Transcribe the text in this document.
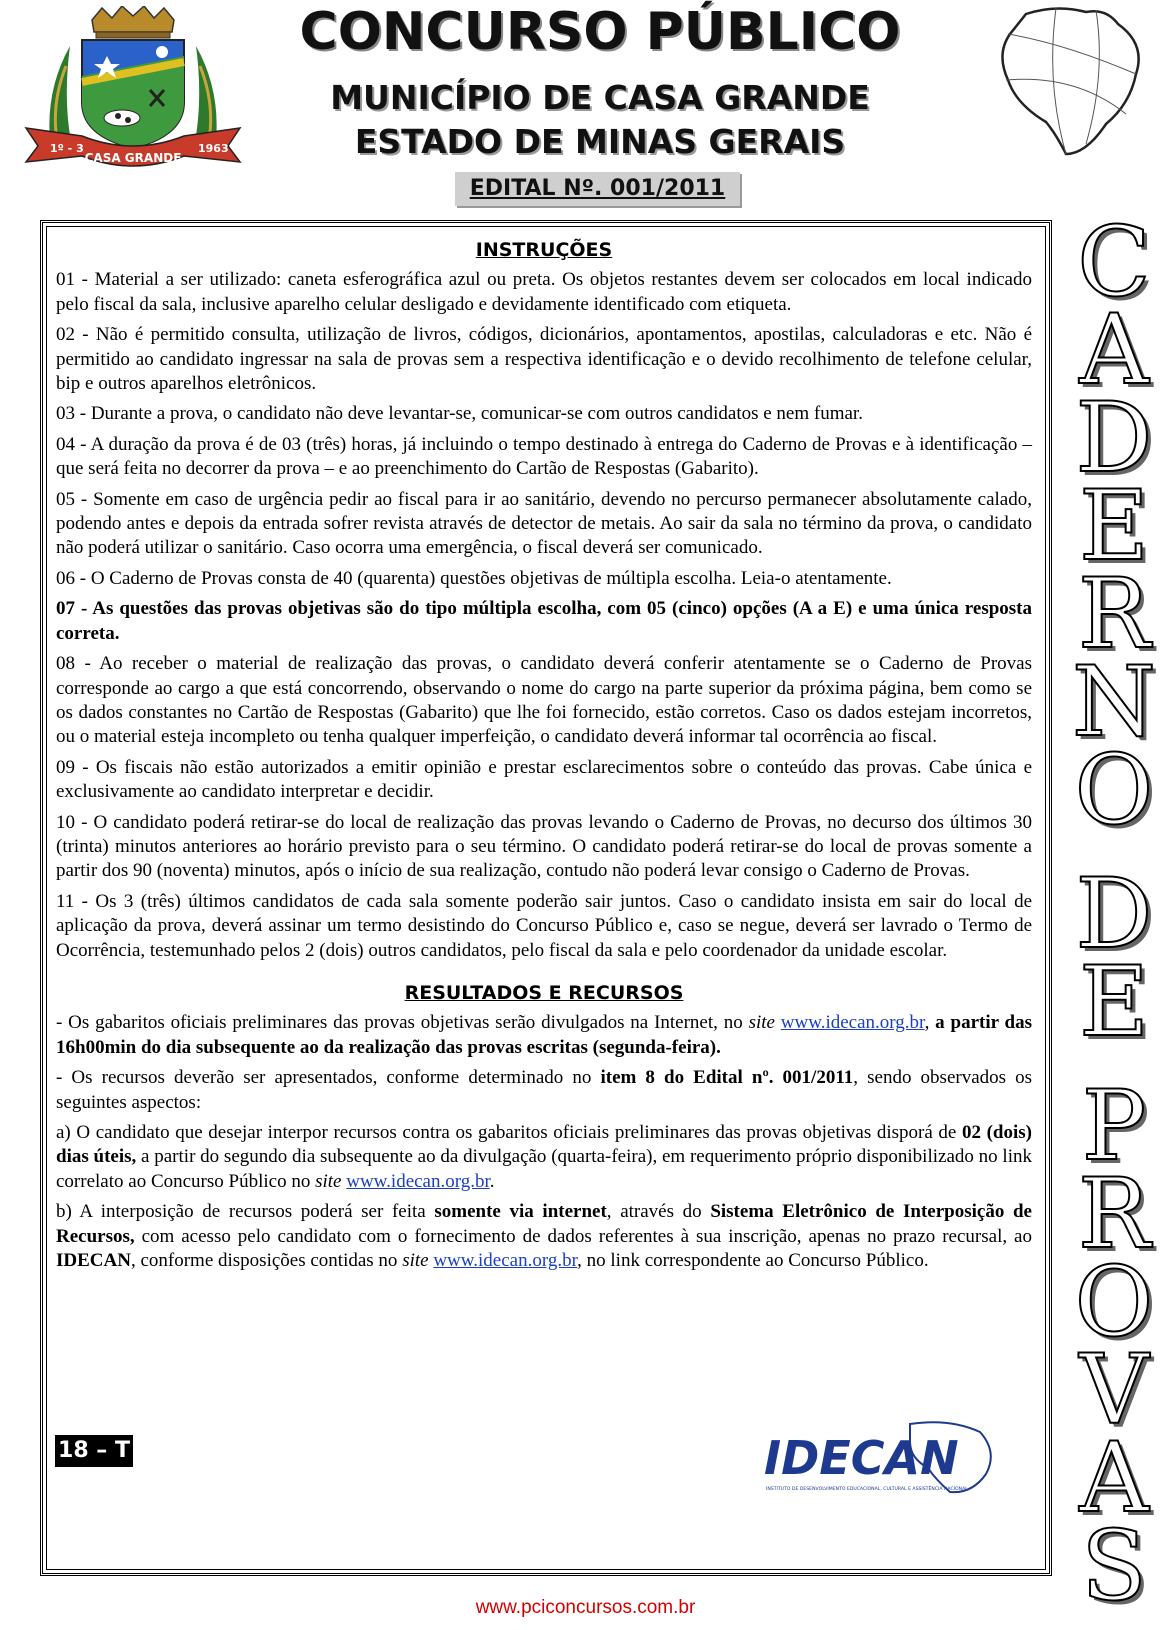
1º - 3
CASA GRANDE
1963
CONCURSO PÚBLICO
MUNICÍPIO DE CASA GRANDE
ESTADO DE MINAS GERAIS
EDITAL Nº. 001/2011
INSTRUÇÕES

01 - Material a ser utilizado: caneta esferográfica azul ou preta. Os objetos restantes devem ser colocados em local indicado pelo fiscal da sala, inclusive aparelho celular desligado e devidamente identificado com etiqueta.

02 - Não é permitido consulta, utilização de livros, códigos, dicionários, apontamentos, apostilas, calculadoras e etc. Não é permitido ao candidato ingressar na sala de provas sem a respectiva identificação e o devido recolhimento de telefone celular, bip e outros aparelhos eletrônicos.

03 - Durante a prova, o candidato não deve levantar-se, comunicar-se com outros candidatos e nem fumar.

04 - A duração da prova é de 03 (três) horas, já incluindo o tempo destinado à entrega do Caderno de Provas e à identificação – que será feita no decorrer da prova – e ao preenchimento do Cartão de Respostas (Gabarito).

05 - Somente em caso de urgência pedir ao fiscal para ir ao sanitário, devendo no percurso permanecer absolutamente calado, podendo antes e depois da entrada sofrer revista através de detector de metais. Ao sair da sala no término da prova, o candidato não poderá utilizar o sanitário. Caso ocorra uma emergência, o fiscal deverá ser comunicado.

06 - O Caderno de Provas consta de 40 (quarenta) questões objetivas de múltipla escolha. Leia-o atentamente.

07 - As questões das provas objetivas são do tipo múltipla escolha, com 05 (cinco) opções (A a E) e uma única resposta correta.

08 - Ao receber o material de realização das provas, o candidato deverá conferir atentamente se o Caderno de Provas corresponde ao cargo a que está concorrendo, observando o nome do cargo na parte superior da próxima página, bem como se os dados constantes no Cartão de Respostas (Gabarito) que lhe foi fornecido, estão corretos. Caso os dados estejam incorretos, ou o material esteja incompleto ou tenha qualquer imperfeição, o candidato deverá informar tal ocorrência ao fiscal.

09 - Os fiscais não estão autorizados a emitir opinião e prestar esclarecimentos sobre o conteúdo das provas. Cabe única e exclusivamente ao candidato interpretar e decidir.

10 - O candidato poderá retirar-se do local de realização das provas levando o Caderno de Provas, no decurso dos últimos 30 (trinta) minutos anteriores ao horário previsto para o seu término. O candidato poderá retirar-se do local de provas somente a partir dos 90 (noventa) minutos, após o início de sua realização, contudo não poderá levar consigo o Caderno de Provas.

11 - Os 3 (três) últimos candidatos de cada sala somente poderão sair juntos. Caso o candidato insista em sair do local de aplicação da prova, deverá assinar um termo desistindo do Concurso Público e, caso se negue, deverá ser lavrado o Termo de Ocorrência, testemunhado pelos 2 (dois) outros candidatos, pelo fiscal da sala e pelo coordenador da unidade escolar.

RESULTADOS E RECURSOS

- Os gabaritos oficiais preliminares das provas objetivas serão divulgados na Internet, no site www.idecan.org.br, a partir das 16h00min do dia subsequente ao da realização das provas escritas (segunda-feira).

- Os recursos deverão ser apresentados, conforme determinado no item 8 do Edital nº. 001/2011, sendo observados os seguintes aspectos:

a) O candidato que desejar interpor recursos contra os gabaritos oficiais preliminares das provas objetivas disporá de 02 (dois) dias úteis, a partir do segundo dia subsequente ao da divulgação (quarta-feira), em requerimento próprio disponibilizado no link correlato ao Concurso Público no site www.idecan.org.br.

b) A interposição de recursos poderá ser feita somente via internet, através do Sistema Eletrônico de Interposição de Recursos, com acesso pelo candidato com o fornecimento de dados referentes à sua inscrição, apenas no prazo recursal, ao IDECAN, conforme disposições contidas no site www.idecan.org.br, no link correspondente ao Concurso Público.

18 – T	IDECAN
INSTITUTO DE DESENVOLVIMENTO EDUCACIONAL, CULTURAL E ASSISTÊNCIA NACIONAL
C
A
D
E
R
N
O
D
E
P
R
O
V
A
S
www.pciconcursos.com.br
